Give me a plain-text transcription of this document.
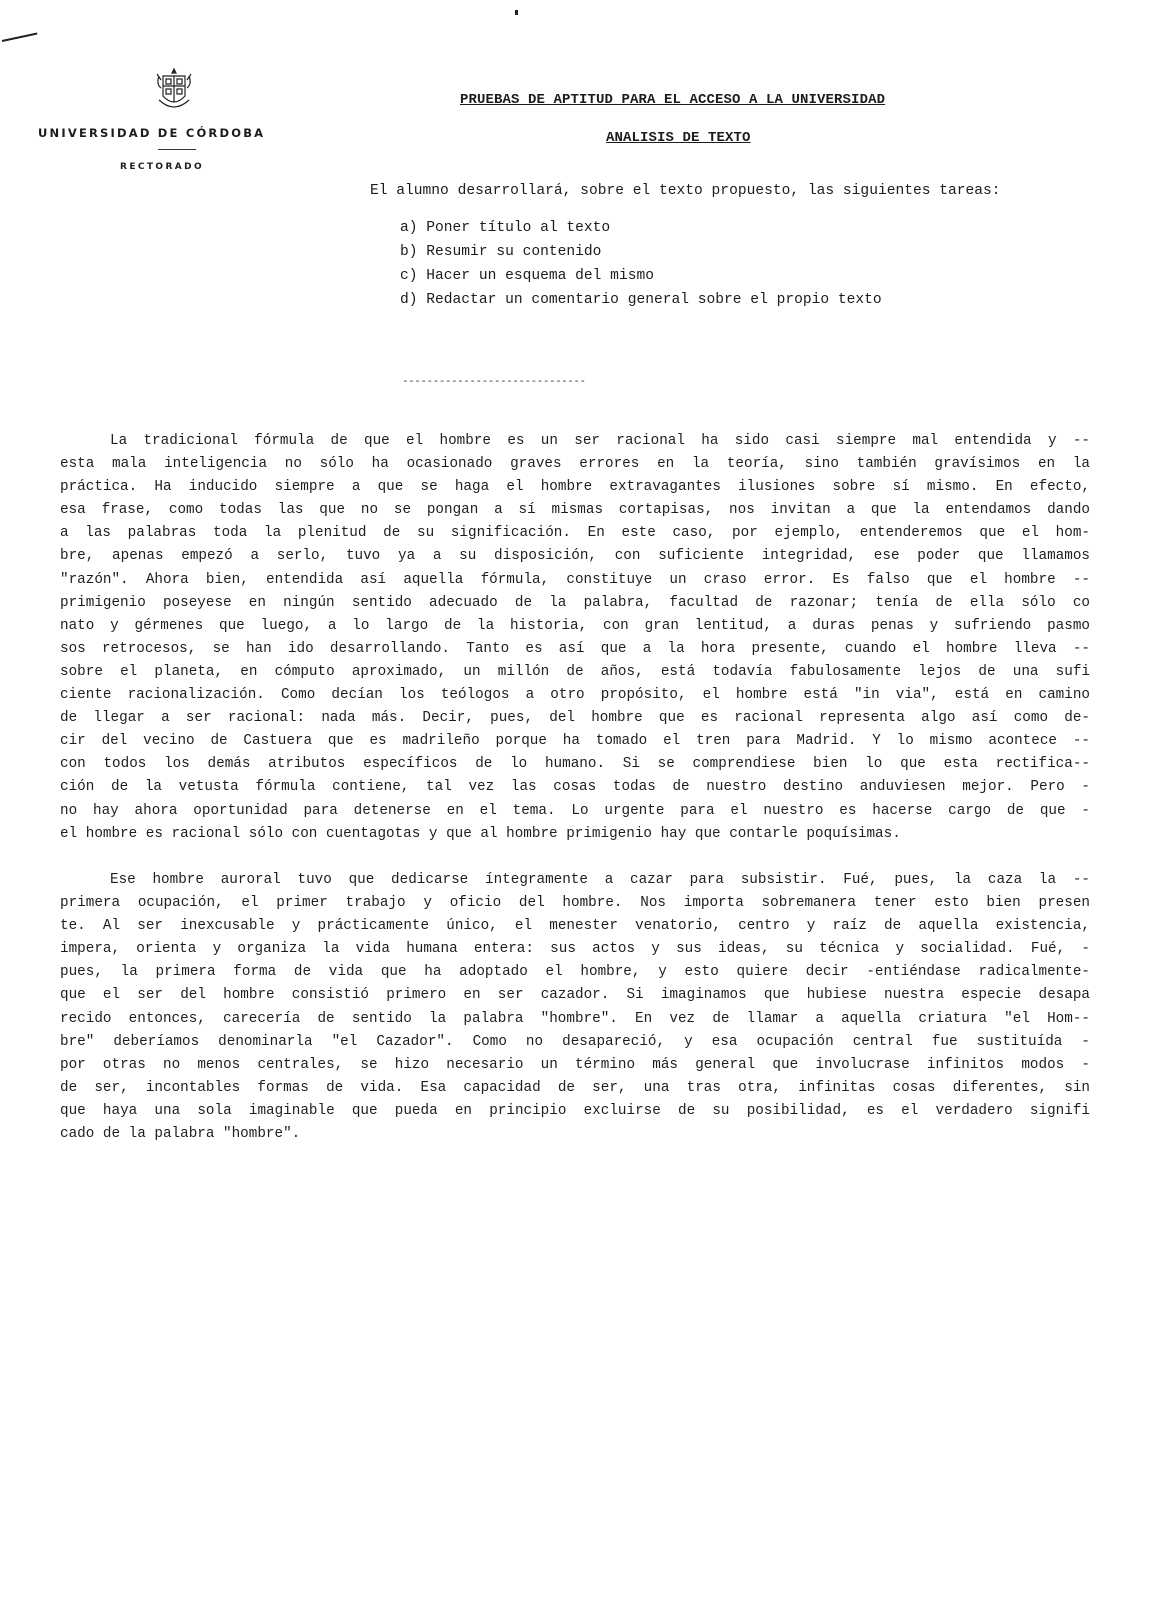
UNIVERSIDAD DE CÓRDOBA
RECTORADO
PRUEBAS DE APTITUD PARA EL ACCESO A LA UNIVERSIDAD
ANALISIS DE TEXTO
El alumno desarrollará, sobre el texto propuesto, las siguientes tareas:
a) Poner título al texto
b) Resumir su contenido
c) Hacer un esquema del mismo
d) Redactar un comentario general sobre el propio texto
------------------------------
La tradicional fórmula de que el hombre es un ser racional ha sido casi siempre mal entendida y --
esta mala inteligencia no sólo ha ocasionado graves errores en la teoría, sino también gravísimos en la
práctica. Ha inducido siempre a que se haga el hombre extravagantes ilusiones sobre sí mismo. En efecto,
esa frase, como todas las que no se pongan a sí mismas cortapisas, nos invitan a que la entendamos dando
a las palabras toda la plenitud de su significación. En este caso, por ejemplo, entenderemos que el hom-
bre, apenas empezó a serlo, tuvo ya a su disposición, con suficiente integridad, ese poder que llamamos
"razón". Ahora bien, entendida así aquella fórmula, constituye un craso error. Es falso que el hombre --
primigenio poseyese en ningún sentido adecuado de la palabra, facultad de razonar; tenía de ella sólo co
nato y gérmenes que luego, a lo largo de la historia, con gran lentitud, a duras penas y sufriendo pasmo
sos retrocesos, se han ido desarrollando. Tanto es así que a la hora presente, cuando el hombre lleva --
sobre el planeta, en cómputo aproximado, un millón de años, está todavía fabulosamente lejos de una sufi
ciente racionalización. Como decían los teólogos a otro propósito, el hombre está "in via", está en camino
de llegar a ser racional: nada más. Decir, pues, del hombre que es racional representa algo así como de-
cir del vecino de Castuera que es madrileño porque ha tomado el tren para Madrid. Y lo mismo acontece --
con todos los demás atributos específicos de lo humano. Si se comprendiese bien lo que esta rectifica--
ción de la vetusta fórmula contiene, tal vez las cosas todas de nuestro destino anduviesen mejor. Pero -
no hay ahora oportunidad para detenerse en el tema. Lo urgente para el nuestro es hacerse cargo de que -
el hombre es racional sólo con cuentagotas y que al hombre primigenio hay que contarle poquísimas.
Ese hombre auroral tuvo que dedicarse íntegramente a cazar para subsistir. Fué, pues, la caza la --
primera ocupación, el primer trabajo y oficio del hombre. Nos importa sobremanera tener esto bien presen
te. Al ser inexcusable y prácticamente único, el menester venatorio, centro y raíz de aquella existencia,
impera, orienta y organiza la vida humana entera: sus actos y sus ideas, su técnica y socialidad. Fué, -
pues, la primera forma de vida que ha adoptado el hombre, y esto quiere decir -entiéndase radicalmente-
que el ser del hombre consistió primero en ser cazador. Si imaginamos que hubiese nuestra especie desapa
recido entonces, carecería de sentido la palabra "hombre". En vez de llamar a aquella criatura "el Hom--
bre" deberíamos denominarla "el Cazador". Como no desapareció, y esa ocupación central fue sustituída -
por otras no menos centrales, se hizo necesario un término más general que involucrase infinitos modos -
de ser, incontables formas de vida. Esa capacidad de ser, una tras otra, infinitas cosas diferentes, sin
que haya una sola imaginable que pueda en principio excluirse de su posibilidad, es el verdadero signifi
cado de la palabra "hombre".
